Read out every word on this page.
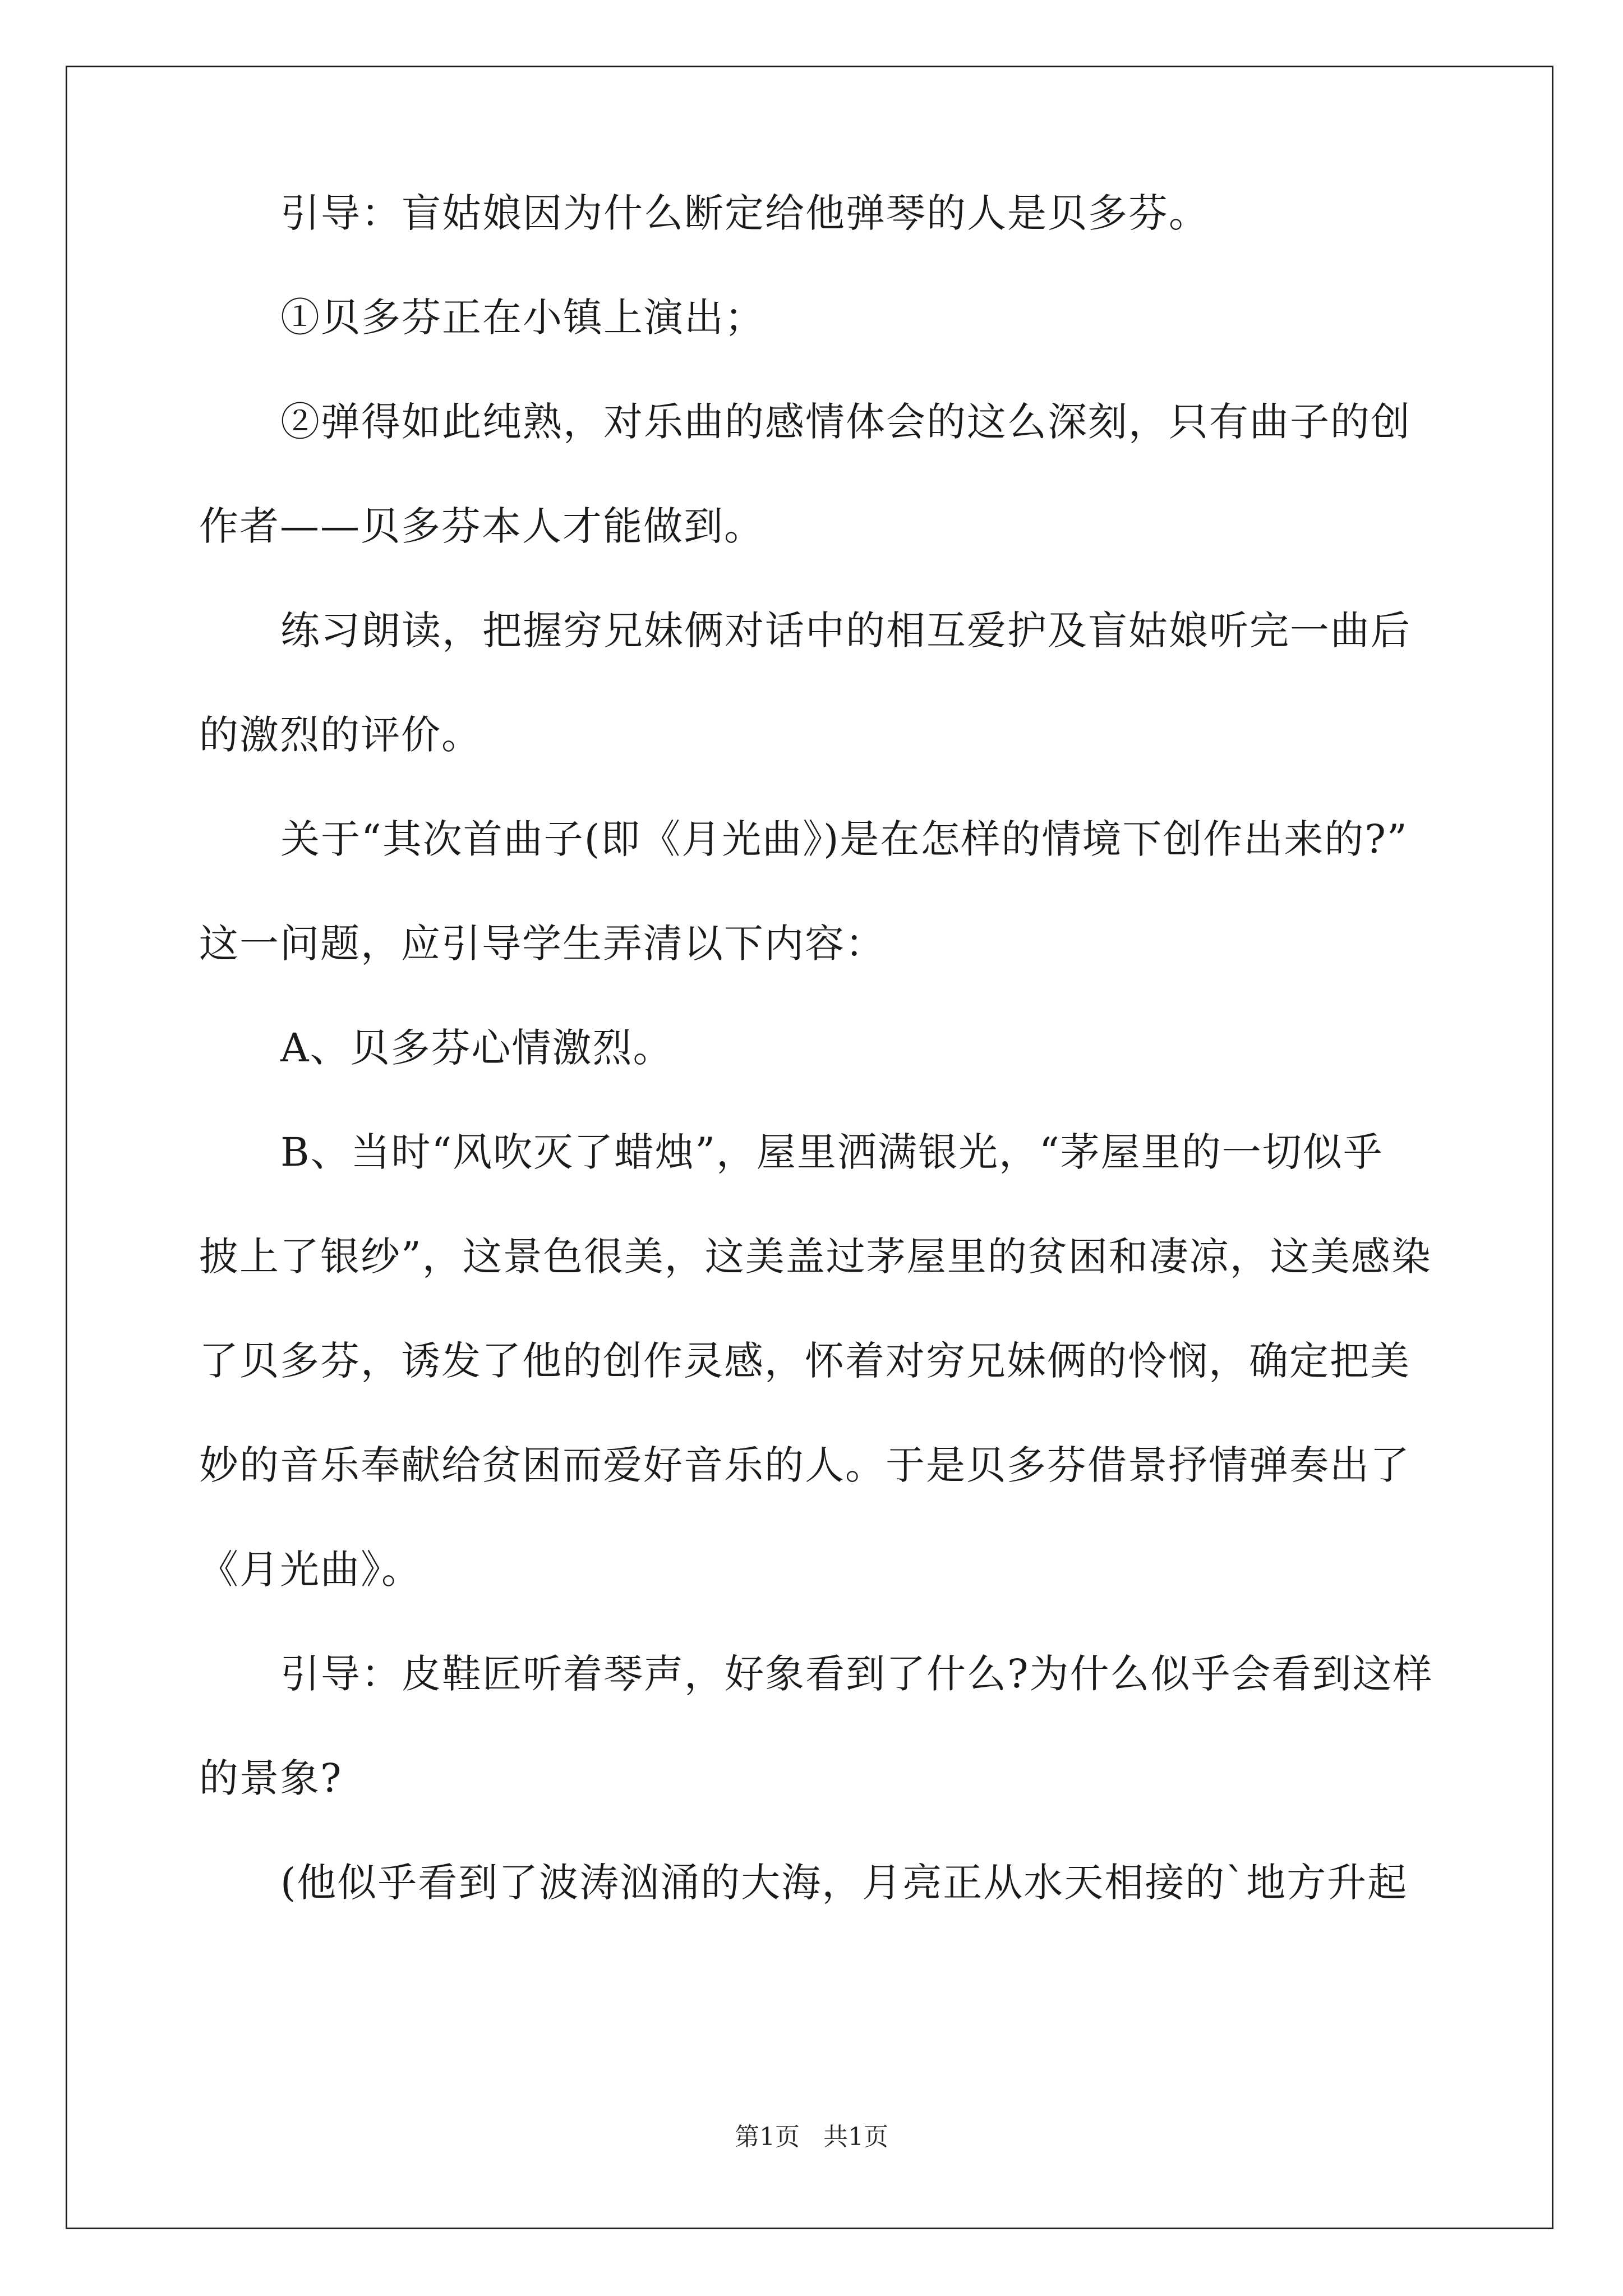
引导：盲姑娘因为什么断定给他弹琴的人是贝多芬。
①贝多芬正在小镇上演出；
②弹得如此纯熟，对乐曲的感情体会的这么深刻，只有曲子的创
作者——贝多芬本人才能做到。
练习朗读，把握穷兄妹俩对话中的相互爱护及盲姑娘听完一曲后
的激烈的评价。
关于“其次首曲子(即《月光曲》)是在怎样的情境下创作出来的?”
这一问题，应引导学生弄清以下内容：
A、贝多芬心情激烈。
B、当时“风吹灭了蜡烛”，屋里洒满银光，“茅屋里的一切似乎
披上了银纱”，这景色很美，这美盖过茅屋里的贫困和凄凉，这美感染
了贝多芬，诱发了他的创作灵感，怀着对穷兄妹俩的怜悯，确定把美
妙的音乐奉献给贫困而爱好音乐的人。于是贝多芬借景抒情弹奏出了
《月光曲》。
引导：皮鞋匠听着琴声，好象看到了什么?为什么似乎会看到这样
的景象?
(他似乎看到了波涛汹涌的大海，月亮正从水天相接的`地方升起
第1页   共1页
